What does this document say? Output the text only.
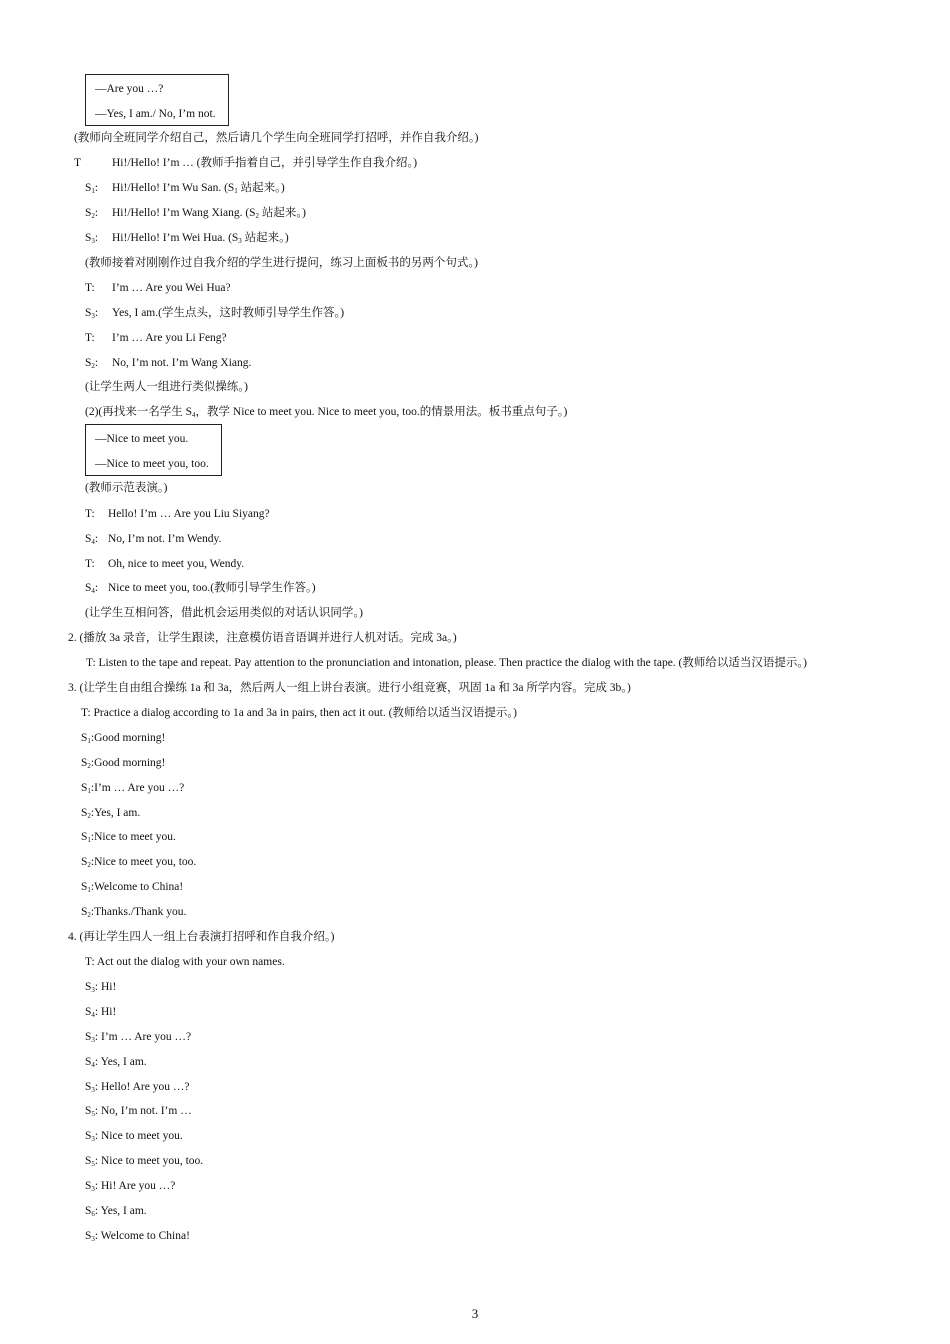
—Are you …?
—Yes, I am./ No, I’m not.
(教师向全班同学介绍自己，然后请几个学生向全班同学打招呼，并作自我介绍。)
T	Hi!/Hello! I’m … (教师手指着自己，并引导学生作自我介绍。)
$S_1$: Hi!/Hello! I’m Wu San. ($S_1$ 站起来。)
$S_2$: Hi!/Hello! I’m Wang Xiang. ($S_2$ 站起来。)
$S_3$: Hi!/Hello! I’m Wei Hua. ($S_3$ 站起来。)
(教师接着对刚刚作过自我介绍的学生进行提问，练习上面板书的另两个句式。)
T: I’m … Are you Wei Hua?
$S_3$: Yes, I am.(学生点头，这时教师引导学生作答。)
T: I’m … Are you Li Feng?
$S_2$: No, I’m not. I’m Wang Xiang.
(让学生两人一组进行类似操练。)
(2)(再找来一名学生 $S_4$，教学 Nice to meet you. Nice to meet you, too.的情景用法。板书重点句子。)
—Nice to meet you.
—Nice to meet you, too.
(教师示范表演。)
T: Hello! I’m … Are you Liu Siyang?
$S_4$: No, I’m not. I’m Wendy.
T: Oh, nice to meet you, Wendy.
$S_4$: Nice to meet you, too.(教师引导学生作答。)
(让学生互相问答，借此机会运用类似的对话认识同学。)
2. (播放 3a 录音，让学生跟读，注意模仿语音语调并进行人机对话。完成 3a。)
T: Listen to the tape and repeat. Pay attention to the pronunciation and intonation, please. Then practice the dialog with the tape. (教师给以适当汉语提示。)
3. (让学生自由组合操练 1a 和 3a，然后两人一组上讲台表演。进行小组竞赛，巩固 1a 和 3a 所学内容。完成 3b。)
T: Practice a dialog according to 1a and 3a in pairs, then act it out. (教师给以适当汉语提示。)
$S_1:Good$ morning!
$S_2:Good$ morning!
$S_1:I’m$ … Are you …?
$S_2:Yes$, I am.
$S_1:Nice$ to meet you.
$S_2:Nice$ to meet you, too.
$S_1:Welcome$ to China!
$S_2:Thanks$./Thank you.
4. (再让学生四人一组上台表演打招呼和作自我介绍。)
T: Act out the dialog with your own names.
$S_3$: Hi!
$S_4$: Hi!
$S_3$: I’m … Are you …?
$S_4$: Yes, I am.
$S_3$: Hello! Are you …?
$S_5$: No, I’m not. I’m …
$S_3$: Nice to meet you.
$S_5$: Nice to meet you, too.
$S_3$: Hi! Are you …?
$S_6$: Yes, I am.
$S_3$: Welcome to China!
3
